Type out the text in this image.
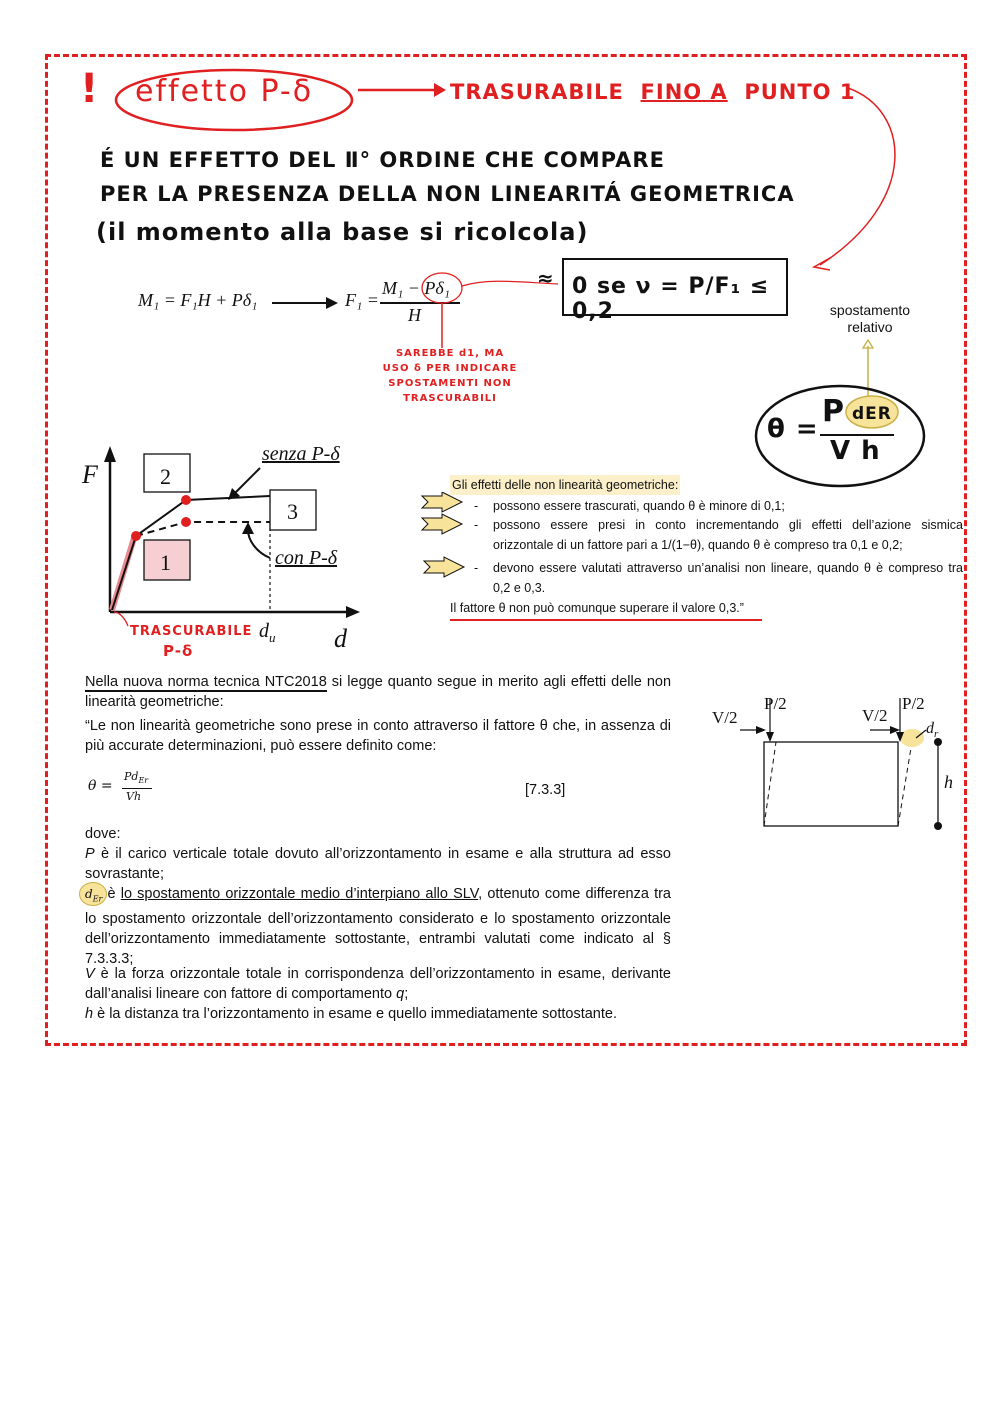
! effetto P-δ	TRASURABILE FINO A PUNTO 1
É UN EFFETTO DEL Ⅱ° ORDINE CHE COMPARE
PER LA PRESENZA DELLA NON LINEARITÁ GEOMETRICA
(il momento alla base si ricolcola)
M₁ = F₁H + Pδ₁	F₁ =
M₁ − Pδ₁
H
≈ 0 se ν = P/F₁ ≤ 0,2
SAREBBE d1, MA
USO δ PER INDICARE
SPOSTAMENTI NON TRASCURABILI
spostamento
relativo
θ = P dER
V h
F
d
$d_u$
2
1
3
senza P-δ
con P-δ
TRASCURABILE
P-δ
Gli effetti delle non linearità geometriche:
- possono essere trascurati, quando θ è minore di 0,1;
- possono essere presi in conto incrementando gli effetti dell’azione sismica orizzontale di un fattore pari a 1/(1−θ), quando θ è compreso tra 0,1 e 0,2;
- devono essere valutati attraverso un’analisi non lineare, quando θ è compreso tra 0,2 e 0,3.
Il fattore θ non può comunque superare il valore 0,3.”
Nella nuova norma tecnica NTC2018 si legge quanto segue in merito agli effetti delle non linearità geometriche:
“Le non linearità geometriche sono prese in conto attraverso il fattore θ che, in assenza di più accurate determinazioni, può essere definito come:
θ =
$Pd_{Er}$
Vh	[7.3.3]
dove:
P è il carico verticale totale dovuto all’orizzontamento in esame e alla struttura ad esso sovrastante;
$d_{Er}$ è lo spostamento orizzontale medio d’interpiano allo SLV, ottenuto come differenza tra lo spostamento orizzontale dell’orizzontamento considerato e lo spostamento orizzontale dell’orizzontamento immediatamente sottostante, entrambi valutati come indicato al § 7.3.3.3;
V è la forza orizzontale totale in corrispondenza dell’orizzontamento in esame, derivante dall’analisi lineare con fattore di comportamento q;
h è la distanza tra l’orizzontamento in esame e quello immediatamente sottostante.
V/2
P/2
V/2
P/2
$d_r$
h
